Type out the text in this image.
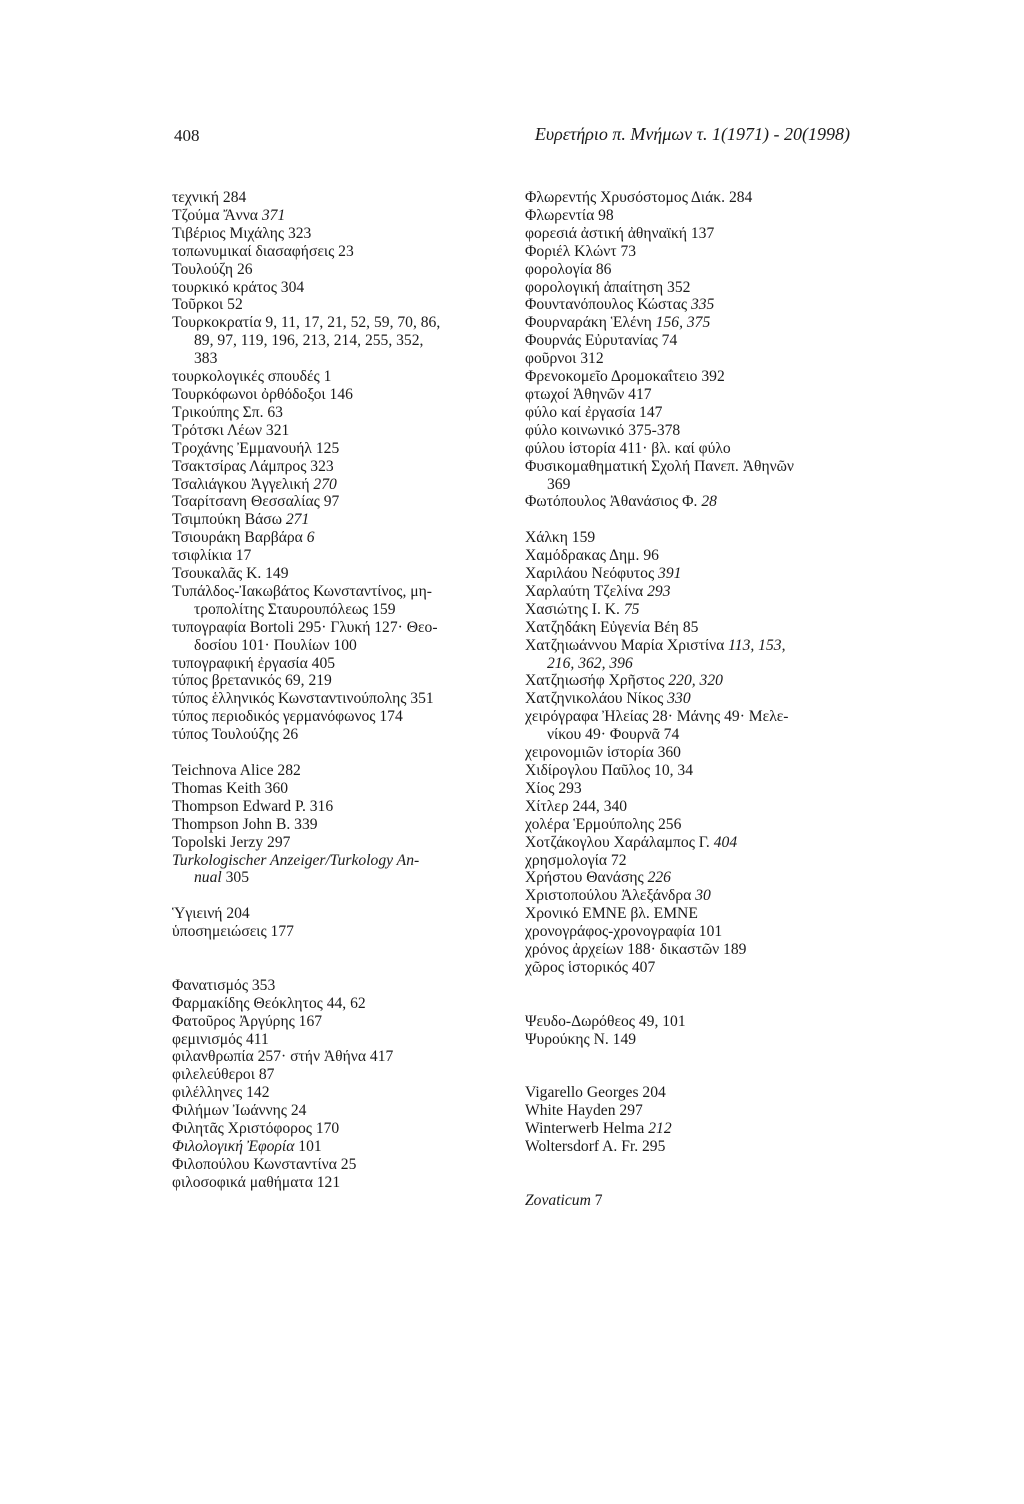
408	Ευρετήριο π. Μνήμων τ. 1(1971) - 20(1998)
τεχνική 284
Τζούμα Ἄννα 371
Τιβέριος Μιχάλης 323
τοπωνυμικαί διασαφήσεις 23
Τουλούζη 26
τουρκικό κράτος 304
Τοῦρκοι 52
Τουρκοκρατία 9, 11, 17, 21, 52, 59, 70, 86,
89, 97, 119, 196, 213, 214, 255, 352,
383
τουρκολογικές σπουδές 1
Τουρκόφωνοι ὀρθόδοξοι 146
Τρικούπης Σπ. 63
Τρότσκι Λέων 321
Τροχάνης Ἐμμανουήλ 125
Τσακτσίρας Λάμπρος 323
Τσαλιάγκου Ἀγγελική 270
Τσαρίτσανη Θεσσαλίας 97
Τσιμπούκη Βάσω 271
Τσιουράκη Βαρβάρα 6
τσιφλίκια 17
Τσουκαλᾶς Κ. 149
Τυπάλδος-Ἰακωβάτος Κωνσταντίνος, μη-
τροπολίτης Σταυρουπόλεως 159
τυπογραφία Bortoli 295· Γλυκή 127· Θεο-
δοσίου 101· Πουλίων 100
τυπογραφική ἐργασία 405
τύπος βρετανικός 69, 219
τύπος ἑλληνικός Κωνσταντινούπολης 351
τύπος περιοδικός γερμανόφωνος 174
τύπος Τουλούζης 26
Teichnova Alice 282
Thomas Keith 360
Thompson Edward P. 316
Thompson John B. 339
Topolski Jerzy 297
Turkologischer Anzeiger/Turkology An-
nual 305
Ὑγιεινή 204
ὑποσημειώσεις 177
Φανατισμός 353
Φαρμακίδης Θεόκλητος 44, 62
Φατοῦρος Ἀργύρης 167
φεμινισμός 411
φιλανθρωπία 257· στήν Ἀθήνα 417
φιλελεύθεροι 87
φιλέλληνες 142
Φιλήμων Ἰωάννης 24
Φιλητᾶς Χριστόφορος 170
Φιλολογική Ἐφορία 101
Φιλοπούλου Κωνσταντίνα 25
φιλοσοφικά μαθήματα 121
Φλωρεντής Χρυσόστομος Διάκ. 284
Φλωρεντία 98
φορεσιά ἀστική ἀθηναϊκή 137
Φοριέλ Κλώντ 73
φορολογία 86
φορολογική ἀπαίτηση 352
Φουντανόπουλος Κώστας 335
Φουρναράκη Ἑλένη 156, 375
Φουρνάς Εὐρυτανίας 74
φοῦρνοι 312
Φρενοκομεῖο Δρομοκαΐτειο 392
φτωχοί Ἀθηνῶν 417
φύλο καί ἐργασία 147
φύλο κοινωνικό 375-378
φύλου ἱστορία 411· βλ. καί φύλο
Φυσικομαθηματική Σχολή Πανεπ. Ἀθηνῶν
369
Φωτόπουλος Ἀθανάσιος Φ. 28
Χάλκη 159
Χαμόδρακας Δημ. 96
Χαριλάου Νεόφυτος 391
Χαρλαύτη Τζελίνα 293
Χασιώτης Ι. Κ. 75
Χατζηδάκη Εὐγενία Βέη 85
Χατζηιωάννου Μαρία Χριστίνα 113, 153,
216, 362, 396
Χατζηιωσήφ Χρῆστος 220, 320
Χατζηνικολάου Νίκος 330
χειρόγραφα Ἠλείας 28· Μάνης 49· Μελε-
νίκου 49· Φουρνᾶ 74
χειρονομιῶν ἱστορία 360
Χιδίρογλου Παῦλος 10, 34
Χίος 293
Χίτλερ 244, 340
χολέρα Ἑρμούπολης 256
Χοτζάκογλου Χαράλαμπος Γ. 404
χρησμολογία 72
Χρήστου Θανάσης 226
Χριστοπούλου Ἀλεξάνδρα 30
Χρονικό EMNE βλ. EMNE
χρονογράφος-χρονογραφία 101
χρόνος ἀρχείων 188· δικαστῶν 189
χῶρος ἱστορικός 407
Ψευδο-Δωρόθεος 49, 101
Ψυρούκης Ν. 149
Vigarello Georges 204
White Hayden 297
Winterwerb Helma 212
Woltersdorf A. Fr. 295
Zovaticum 7
